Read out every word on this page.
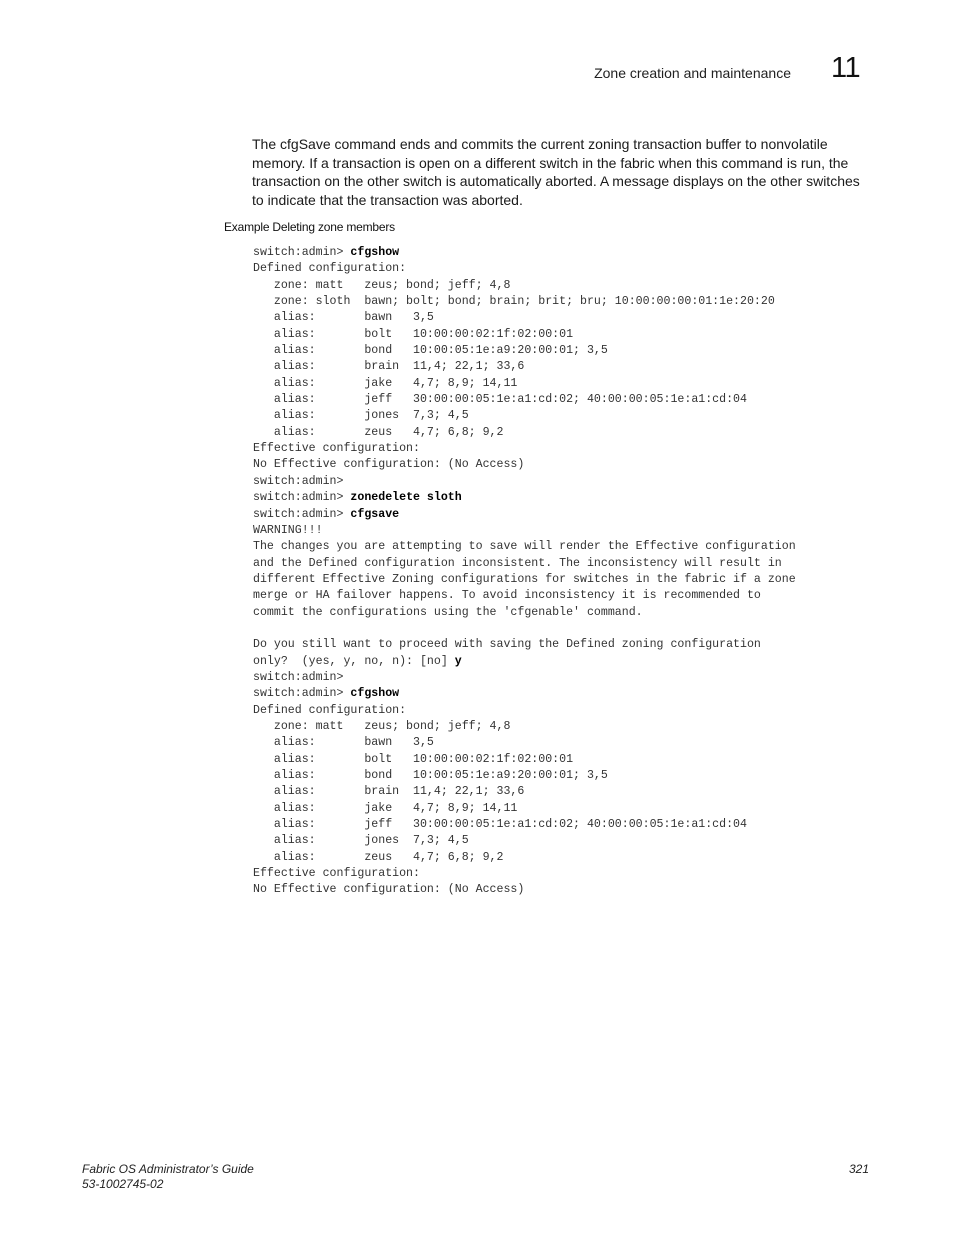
Zone creation and maintenance 11

The cfgSave command ends and commits the current zoning transaction buffer to nonvolatile memory. If a transaction is open on a different switch in the fabric when this command is run, the transaction on the other switch is automatically aborted. A message displays on the other switches to indicate that the transaction was aborted.

Example Deleting zone members

switch:admin> cfgshow
Defined configuration:
zone: matt   zeus; bond; jeff; 4,8
zone: sloth  bawn; bolt; bond; brain; brit; bru; 10:00:00:00:01:1e:20:20
alias:       bawn   3,5
alias:       bolt   10:00:00:02:1f:02:00:01
alias:       bond   10:00:05:1e:a9:20:00:01; 3,5
alias:       brain  11,4; 22,1; 33,6
alias:       jake   4,7; 8,9; 14,11
alias:       jeff   30:00:00:05:1e:a1:cd:02; 40:00:00:05:1e:a1:cd:04
alias:       jones  7,3; 4,5
alias:       zeus   4,7; 6,8; 9,2
Effective configuration:
No Effective configuration: (No Access)
switch:admin>
switch:admin> zonedelete sloth
switch:admin> cfgsave
WARNING!!!
The changes you are attempting to save will render the Effective configuration
and the Defined configuration inconsistent. The inconsistency will result in
different Effective Zoning configurations for switches in the fabric if a zone
merge or HA failover happens. To avoid inconsistency it is recommended to
commit the configurations using the 'cfgenable' command.
Do you still want to proceed with saving the Defined zoning configuration
only?  (yes, y, no, n): [no] y
switch:admin>
switch:admin> cfgshow
Defined configuration:
zone: matt   zeus; bond; jeff; 4,8
alias:       bawn   3,5
alias:       bolt   10:00:00:02:1f:02:00:01
alias:       bond   10:00:05:1e:a9:20:00:01; 3,5
alias:       brain  11,4; 22,1; 33,6
alias:       jake   4,7; 8,9; 14,11
alias:       jeff   30:00:00:05:1e:a1:cd:02; 40:00:00:05:1e:a1:cd:04
alias:       jones  7,3; 4,5
alias:       zeus   4,7; 6,8; 9,2
Effective configuration:
No Effective configuration: (No Access)
Fabric OS Administrator’s Guide
53-1002745-02
321
